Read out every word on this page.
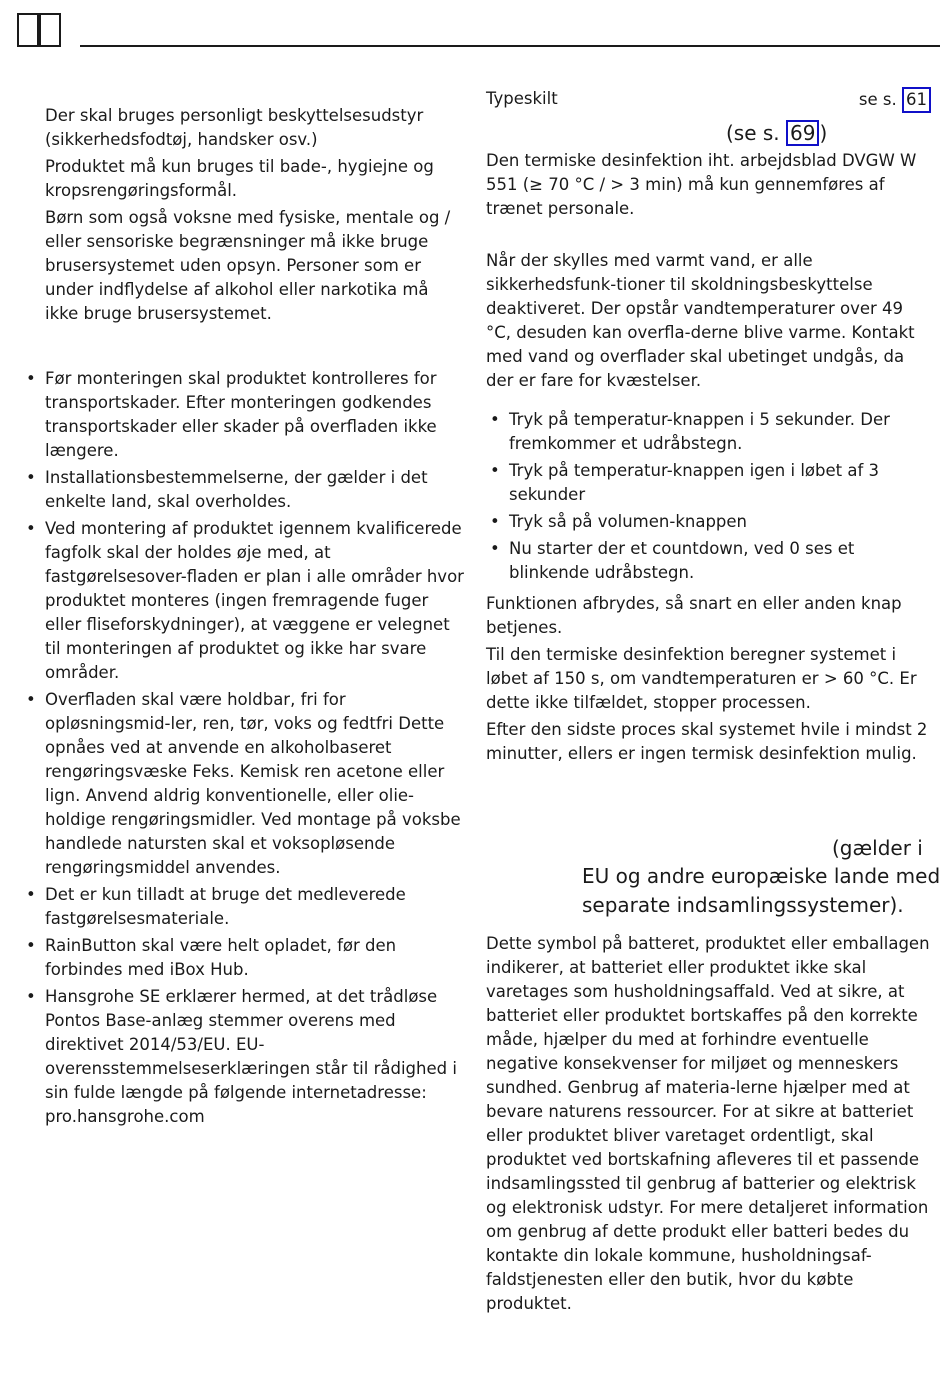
Der skal bruges personligt beskyttelsesudstyr (sikkerhedsfodtøj, handsker osv.)

Produktet må kun bruges til bade-, hygiejne og kropsrengøringsformål.

Børn som også voksne med fysiske, mentale og / eller sensoriske begrænsninger må ikke bruge brusersystemet uden opsyn. Personer som er under indflydelse af alkohol eller narkotika må ikke bruge brusersystemet.

• Før monteringen skal produktet kontrolleres for transportskader. Efter monteringen godkendes transportskader eller skader på overfladen ikke længere.
• Installationsbestemmelserne, der gælder i det enkelte land, skal overholdes.
• Ved montering af produktet igennem kvalificerede fagfolk skal der holdes øje med, at fastgørelsesover-fladen er plan i alle områder hvor produktet monteres (ingen fremragende fuger eller fliseforskydninger), at væggene er velegnet til monteringen af produktet og ikke har svare områder.
• Overfladen skal være holdbar, fri for opløsningsmid-ler, ren, tør, voks og fedtfri Dette opnåes ved at anvende en alkoholbaseret rengøringsvæske Feks. Kemisk ren acetone eller lign. Anvend aldrig konventionelle, eller olie-holdige rengøringsmidler. Ved montage på voksbe handlede natursten skal et voksopløsende rengøringsmiddel anvendes.
• Det er kun tilladt at bruge det medleverede fastgørelsesmateriale.
• RainButton skal være helt opladet, før den forbindes med iBox Hub.
• Hansgrohe SE erklærer hermed, at det trådløse Pontos Base-anlæg stemmer overens med direktivet 2014/53/EU. EU-overensstemmelseserklæringen står til rådighed i sin fulde længde på følgende internetadresse: pro.hansgrohe.com
Typeskilt	se s. 61
(se s. 69 )

Den termiske desinfektion iht. arbejdsblad DVGW W 551 (≥ 70 °C / > 3 min) må kun gennemføres af trænet personale.

Når der skylles med varmt vand, er alle sikkerhedsfunk-tioner til skoldningsbeskyttelse deaktiveret. Der opstår vandtemperaturer over 49 °C, desuden kan overfla-derne blive varme. Kontakt med vand og overflader skal ubetinget undgås, da der er fare for kvæstelser.

• Tryk på temperatur-knappen i 5 sekunder. Der fremkommer et udråbstegn.
• Tryk på temperatur-knappen igen i løbet af 3 sekunder
• Tryk så på volumen-knappen
• Nu starter der et countdown, ved 0 ses et blinkende udråbstegn.

Funktionen afbrydes, så snart en eller anden knap betjenes.

Til den termiske desinfektion beregner systemet i løbet af 150 s, om vandtemperaturen er > 60 °C. Er dette ikke tilfældet, stopper processen.

Efter den sidste proces skal systemet hvile i mindst 2 minutter, ellers er ingen termisk desinfektion mulig.

(gælder i
EU og andre europæiske lande med
separate indsamlingssystemer).

Dette symbol på batteret, produktet eller emballagen indikerer, at batteriet eller produktet ikke skal varetages som husholdningsaffald. Ved at sikre, at batteriet eller produktet bortskaffes på den korrekte måde, hjælper du med at forhindre eventuelle negative konsekvenser for miljøet og menneskers sundhed. Genbrug af materia-lerne hjælper med at bevare naturens ressourcer. For at sikre at batteriet eller produktet bliver varetaget ordentligt, skal produktet ved bortskafning afleveres til et passende indsamlingssted til genbrug af batterier og elektrisk og elektronisk udstyr. For mere detaljeret information om genbrug af dette produkt eller batteri bedes du kontakte din lokale kommune, husholdningsaf-faldstjenesten eller den butik, hvor du købte produktet.
